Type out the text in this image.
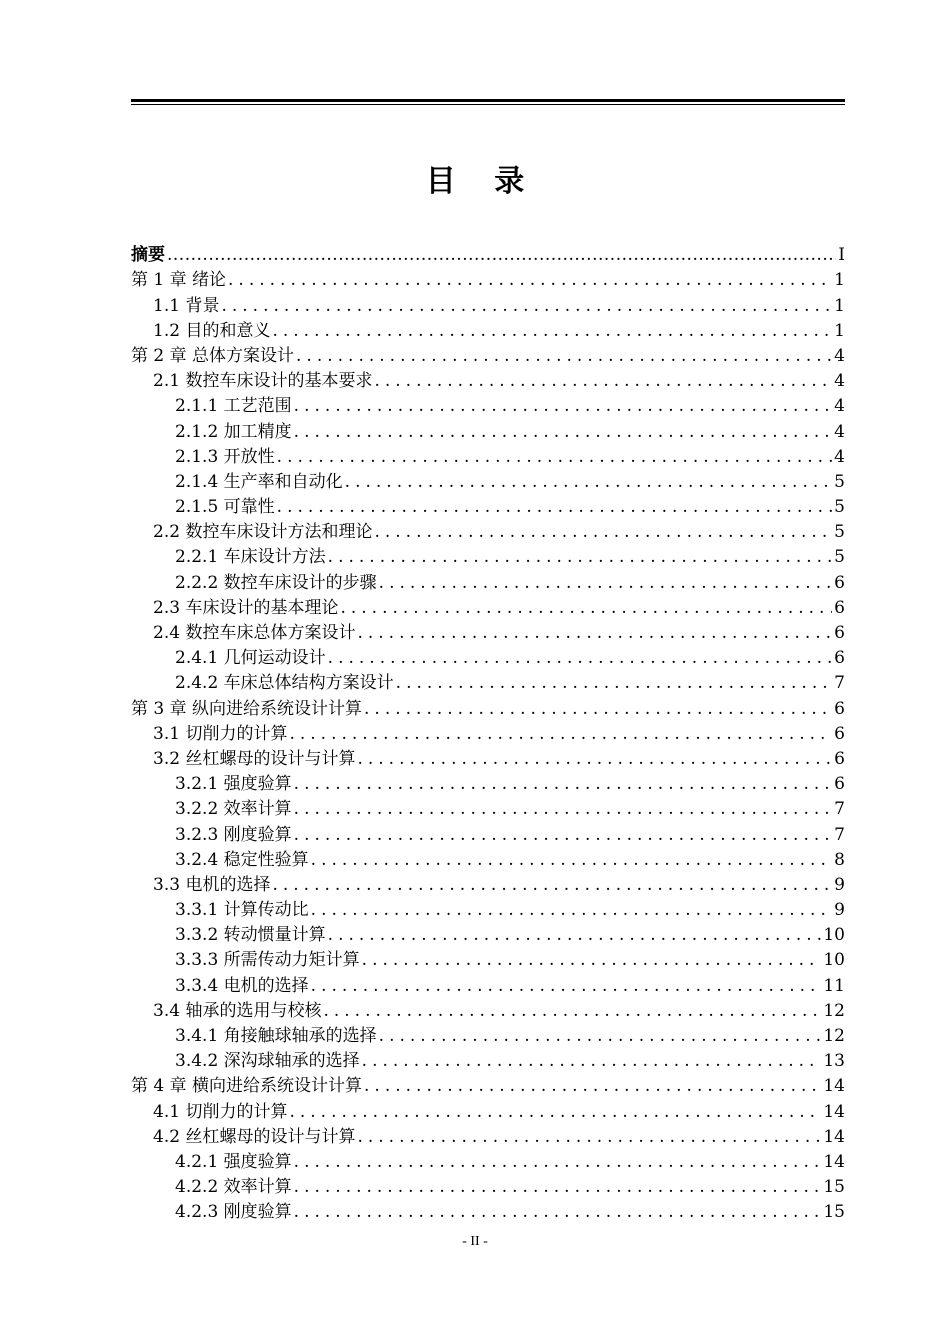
目 录
摘要 .....	I
第 1 章 绪论 .....	1
1.1 背景 .....	1
1.2 目的和意义 .....	1
第 2 章 总体方案设计 .....	4
2.1 数控车床设计的基本要求 .....	4
2.1.1 工艺范围 .....	4
2.1.2 加工精度 .....	4
2.1.3 开放性 .....	4
2.1.4 生产率和自动化 .....	5
2.1.5 可靠性 .....	5
2.2 数控车床设计方法和理论 .....	5
2.2.1 车床设计方法 .....	5
2.2.2 数控车床设计的步骤 .....	6
2.3 车床设计的基本理论 .....	6
2.4 数控车床总体方案设计 .....	6
2.4.1 几何运动设计 .....	6
2.4.2 车床总体结构方案设计 .....	7
第 3 章 纵向进给系统设计计算 .....	6
3.1 切削力的计算 .....	6
3.2 丝杠螺母的设计与计算 .....	6
3.2.1 强度验算 .....	6
3.2.2 效率计算 .....	7
3.2.3 刚度验算 .....	7
3.2.4 稳定性验算 .....	8
3.3 电机的选择 .....	9
3.3.1 计算传动比 .....	9
3.3.2 转动惯量计算 .....	10
3.3.3 所需传动力矩计算 .....	10
3.3.4 电机的选择 .....	11
3.4 轴承的选用与校核 .....	12
3.4.1 角接触球轴承的选择 .....	12
3.4.2 深沟球轴承的选择 .....	13
第 4 章 横向进给系统设计计算 .....	14
4.1 切削力的计算 .....	14
4.2 丝杠螺母的设计与计算 .....	14
4.2.1 强度验算 .....	14
4.2.2 效率计算 .....	15
4.2.3 刚度验算 .....	15
- II -
